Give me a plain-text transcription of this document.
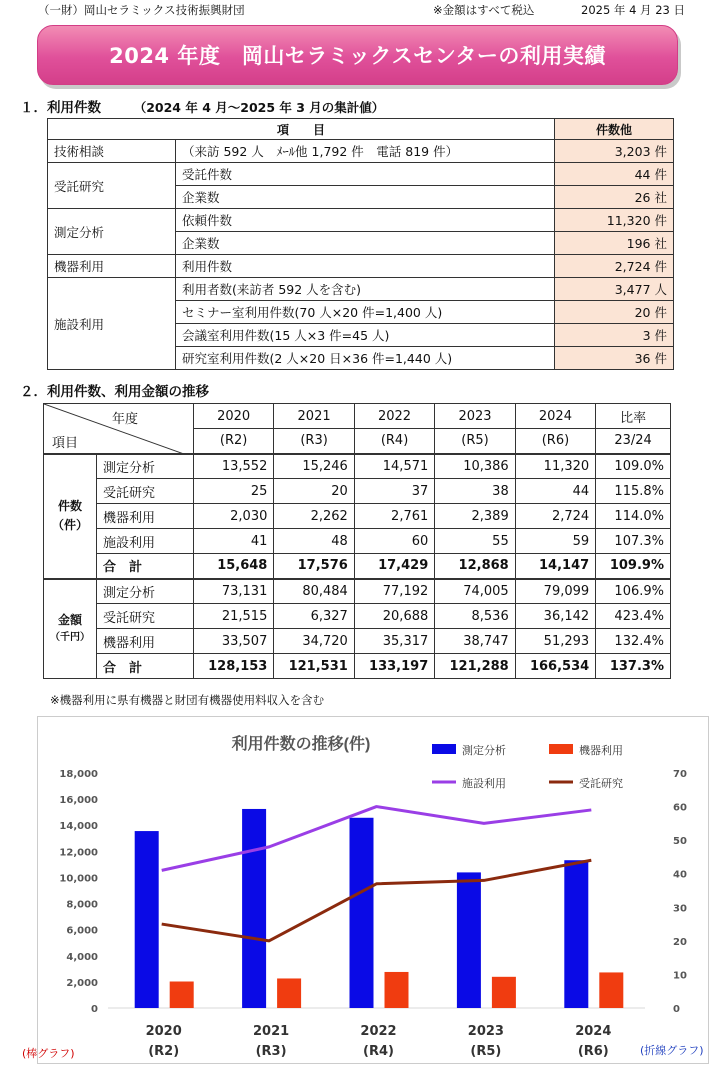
（一財）岡山セラミックス技術振興財団	※金額はすべて税込	2025 年 4 月 23 日
2024 年度　岡山セラミックスセンターの利用実績
１．利用件数	（2024 年 4 月～2025 年 3 月の集計値）
項　　目		件数他
技術相談	（来訪 592 人　ﾒｰﾙ他 1,792 件　電話 819 件）	3,203 件
受託研究	受託件数	44 件
	企業数	26 社
測定分析	依頼件数	11,320 件
	企業数	196 社
機器利用	利用件数	2,724 件
施設利用	利用者数(来訪者 592 人を含む)	3,477 人
	セミナー室利用件数(70 人×20 件=1,400 人)	20 件
	会議室利用件数(15 人×3 件=45 人)	3 件
	研究室利用件数(2 人×20 日×36 件=1,440 人)	36 件
２．利用件数、利用金額の推移
年度
項目		2020	2021	2022	2023	2024	比率
		(R2)	(R3)	(R4)	(R5)	(R6)	23/24

件数
（件）	測定分析	13,552	15,246	14,571	10,386	11,320	109.0%
	受託研究	25	20	37	38	44	115.8%
	機器利用	2,030	2,262	2,761	2,389	2,724	114.0%
	施設利用	41	48	60	55	59	107.3%
	合　計	15,648	17,576	17,429	12,868	14,147	109.9%

金額
（千円）	測定分析	73,131	80,484	77,192	74,005	79,099	106.9%
	受託研究	21,515	6,327	20,688	8,536	36,142	423.4%
	機器利用	33,507	34,720	35,317	38,747	51,293	132.4%
	合　計	128,153	121,531	133,197	121,288	166,534	137.3%
※機器利用に県有機器と財団有機器使用料収入を含む
利用件数の推移(件)
0
2,000
4,000
6,000
8,000
10,000
12,000
14,000
16,000
18,000
0
10
20
30
40
50
60
70
2020
(R2)
2021
(R3)
2022
(R4)
2023
(R5)
2024
(R6)
測定分析	機器利用
施設利用	受託研究
(棒グラフ)	(折線グラフ)
